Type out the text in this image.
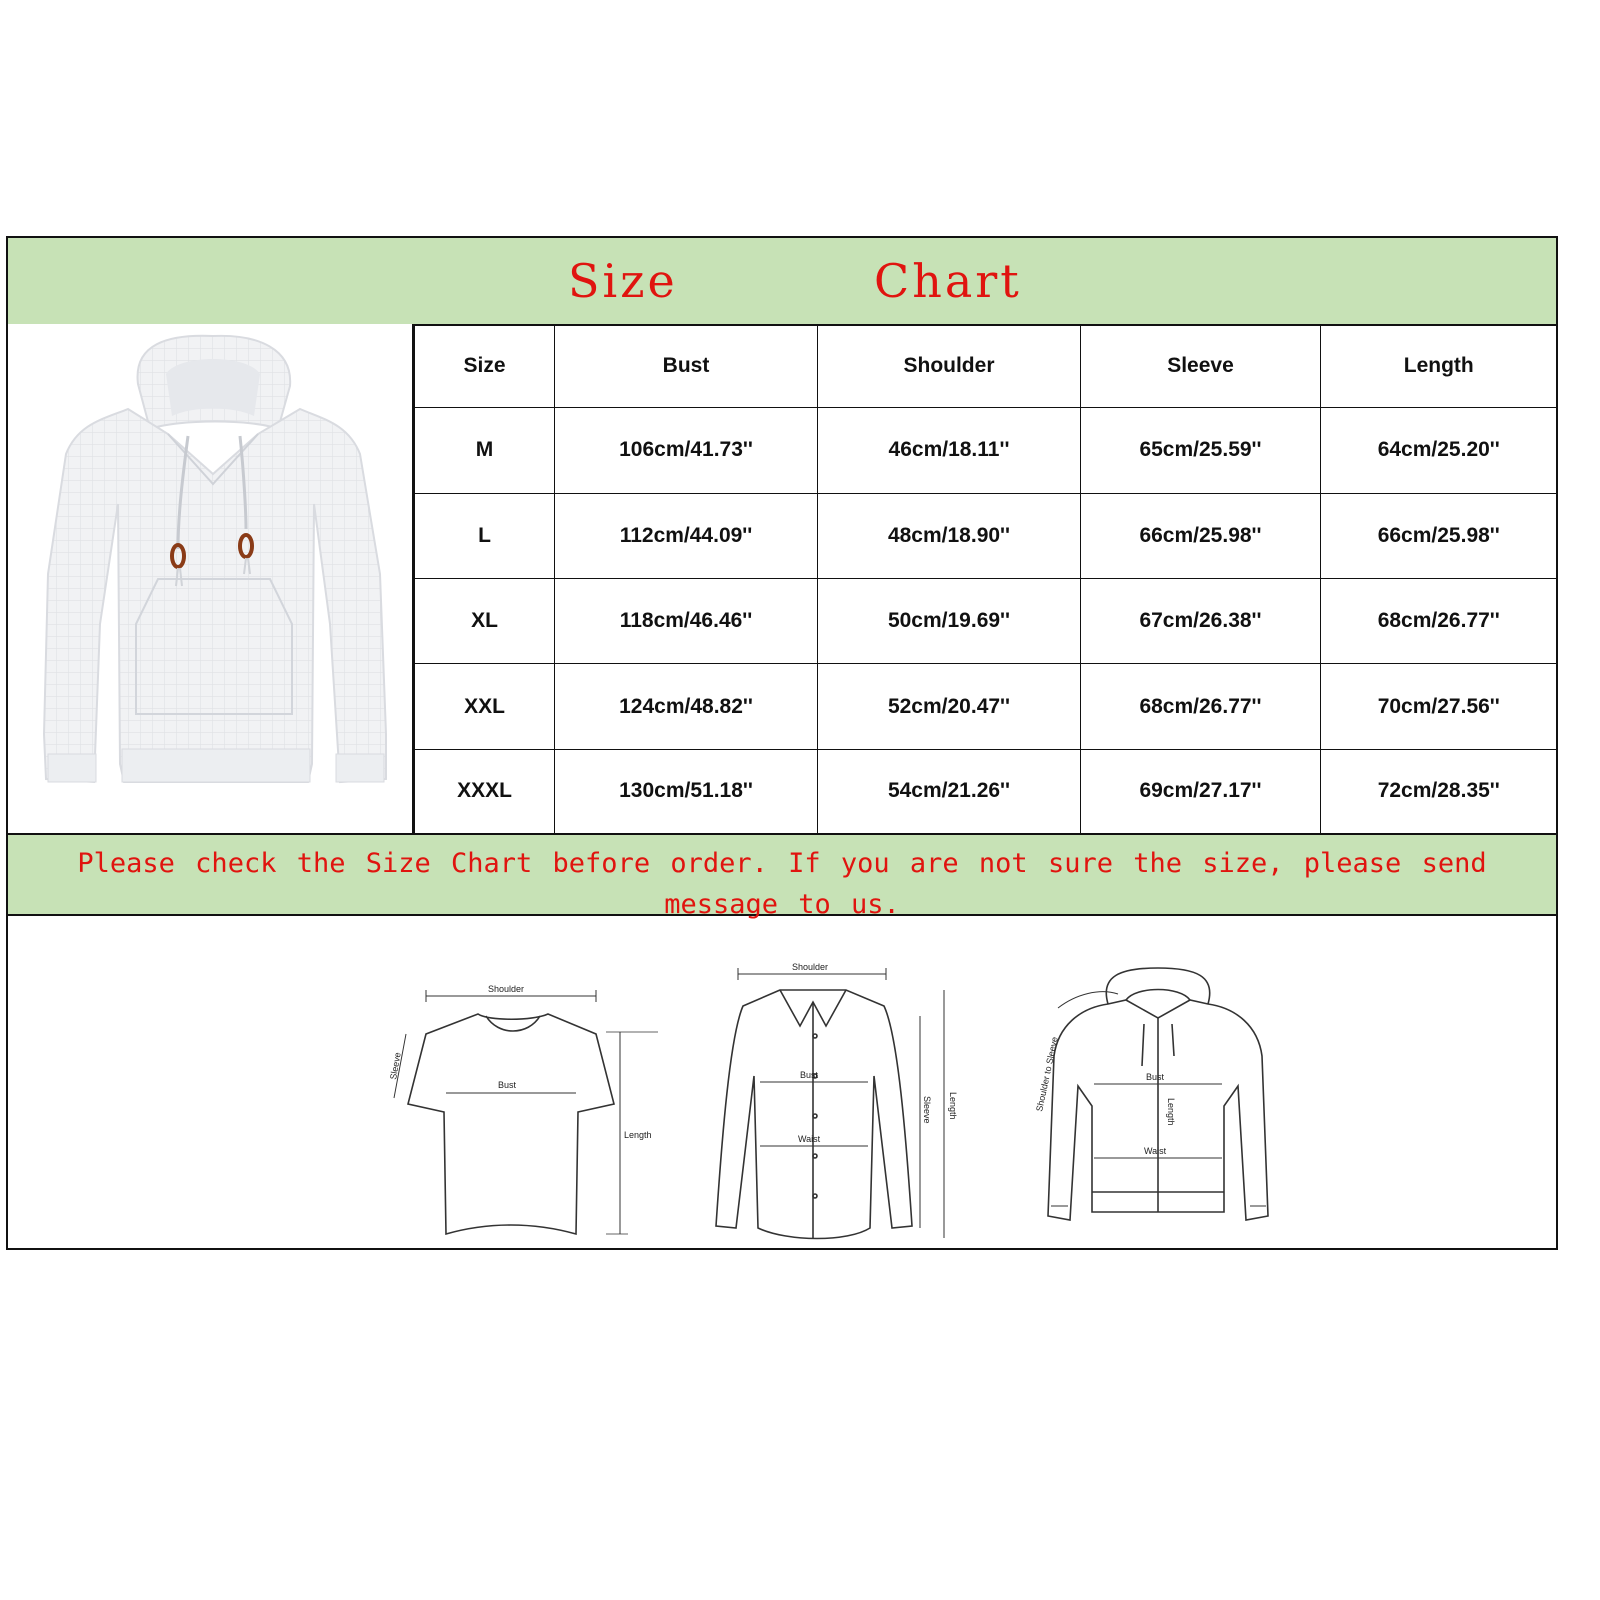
Size	Chart
Size	Bust	Shoulder	Sleeve	Length
M	106cm/41.73''	46cm/18.11''	65cm/25.59''	64cm/25.20''
L	112cm/44.09''	48cm/18.90''	66cm/25.98''	66cm/25.98''
XL	118cm/46.46''	50cm/19.69''	67cm/26.38''	68cm/26.77''
XXL	124cm/48.82''	52cm/20.47''	68cm/26.77''	70cm/27.56''
XXXL	130cm/51.18''	54cm/21.26''	69cm/27.17''	72cm/28.35''
Please check the Size Chart before order. If you are not sure the size, please send message to us.
Shoulder
Bust
Length
Sleeve
Shoulder
Bust
Waist
Sleeve Length
Bust
Waist
Length
Shoulder to Sleeve
